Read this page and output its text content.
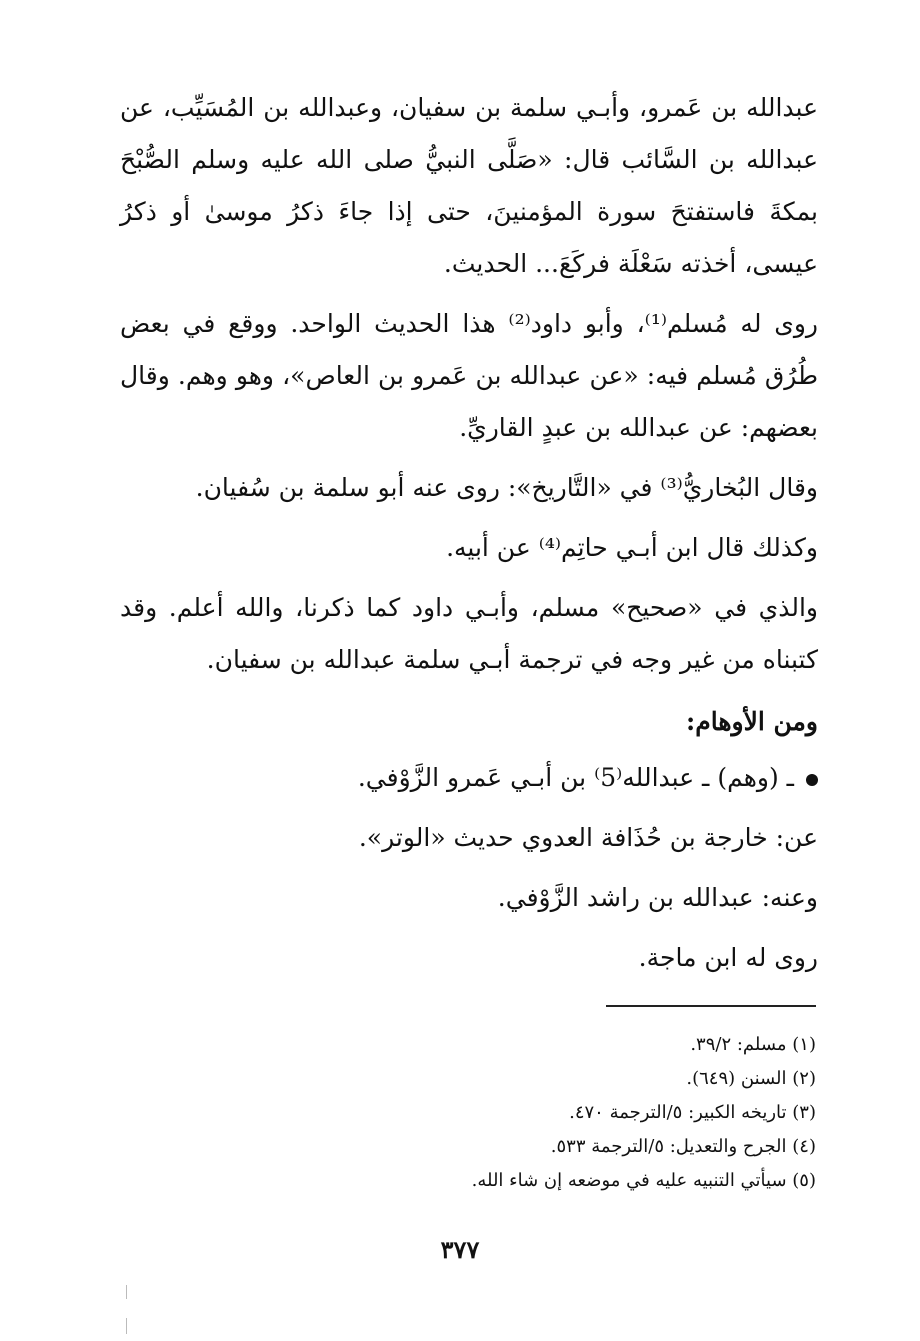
عبدالله بن عَمرو، وأبـي سلمة بن سفيان، وعبدالله بن المُسَيِّب، عن عبدالله بن السَّائب قال: «صَلَّى النبيُّ صلى الله عليه وسلم الصُّبْحَ بمكةَ فاستفتحَ سورة المؤمنينَ، حتى إذا جاءَ ذكرُ موسىٰ أو ذكرُ عيسى، أخذته سَعْلَة فركَعَ... الحديث.

روى له مُسلم⁽¹⁾، وأبو داود⁽²⁾ هذا الحديث الواحد. ووقع في بعض طُرُق مُسلم فيه: «عن عبدالله بن عَمرو بن العاص»، وهو وهم. وقال بعضهم: عن عبدالله بن عبدٍ القاريِّ.

وقال البُخاريُّ⁽³⁾ في «التَّاريخ»: روى عنه أبو سلمة بن سُفيان.

وكذلك قال ابن أبـي حاتِم⁽⁴⁾ عن أبيه.

والذي في «صحيح» مسلم، وأبـي داود كما ذكرنا، والله أعلم. وقد كتبناه من غير وجه في ترجمة أبـي سلمة عبدالله بن سفيان.

ومن الأوهام:

ـ (وهم) ـ عبدالله⁽5⁾ بن أبـي عَمرو الزَّوْفي.

عن: خارجة بن حُذَافة العدوي حديث «الوتر».

وعنه: عبدالله بن راشد الزَّوْفي.

روى له ابن ماجة.

(١) مسلم: ٣٩/٢.

(٢) السنن (٦٤٩).

(٣) تاريخه الكبير: ٥/الترجمة ٤٧٠.

(٤) الجرح والتعديل: ٥/الترجمة ٥٣٣.

(٥) سيأتي التنبيه عليه في موضعه إن شاء الله.

٣٧٧
